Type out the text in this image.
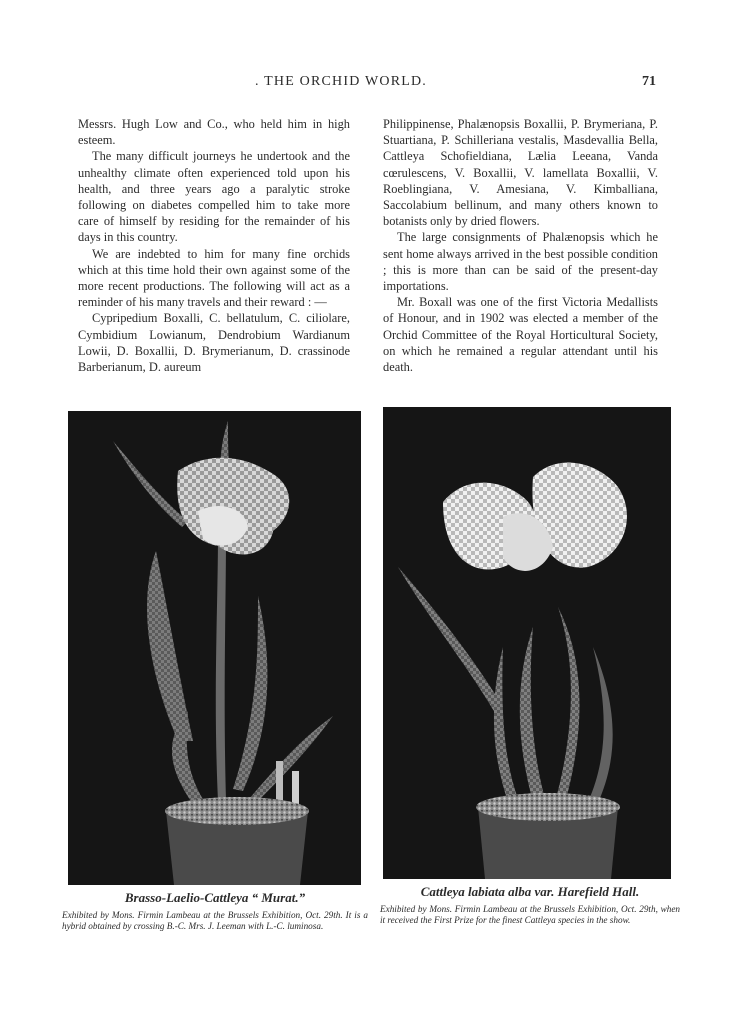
. THE ORCHID WORLD.	71

Messrs. Hugh Low and Co., who held him in high esteem.

The many difficult journeys he undertook and the unhealthy climate often experienced told upon his health, and three years ago a paralytic stroke following on diabetes compelled him to take more care of himself by residing for the remainder of his days in this country.

We are indebted to him for many fine orchids which at this time hold their own against some of the more recent productions. The following will act as a reminder of his many travels and their reward : —

Cypripedium Boxalli, C. bellatulum, C. ciliolare, Cymbidium Lowianum, Dendrobium Wardianum Lowii, D. Boxallii, D. Brymerianum, D. crassinode Barberianum, D. aureum

Philippinense, Phalænopsis Boxallii, P. Brymeriana, P. Stuartiana, P. Schilleriana vestalis, Masdevallia Bella, Cattleya Schofieldiana, Lælia Leeana, Vanda cœrulescens, V. Boxallii, V. lamellata Boxallii, V. Roeblingiana, V. Amesiana, V. Kimballiana, Saccolabium bellinum, and many others known to botanists only by dried flowers.

The large consignments of Phalænopsis which he sent home always arrived in the best possible condition ; this is more than can be said of the present-day importations.

Mr. Boxall was one of the first Victoria Medallists of Honour, and in 1902 was elected a member of the Orchid Committee of the Royal Horticultural Society, on which he remained a regular attendant until his death.

Brasso-Laelio-Cattleya “ Murat.”
Exhibited by Mons. Firmin Lambeau at the Brussels Exhibition, Oct. 29th. It is a hybrid obtained by crossing B.-C. Mrs. J. Leeman with L.-C. luminosa.
Cattleya labiata alba var. Harefield Hall.
Exhibited by Mons. Firmin Lambeau at the Brussels Exhibition, Oct. 29th, when it received the First Prize for the finest Cattleya species in the show.
